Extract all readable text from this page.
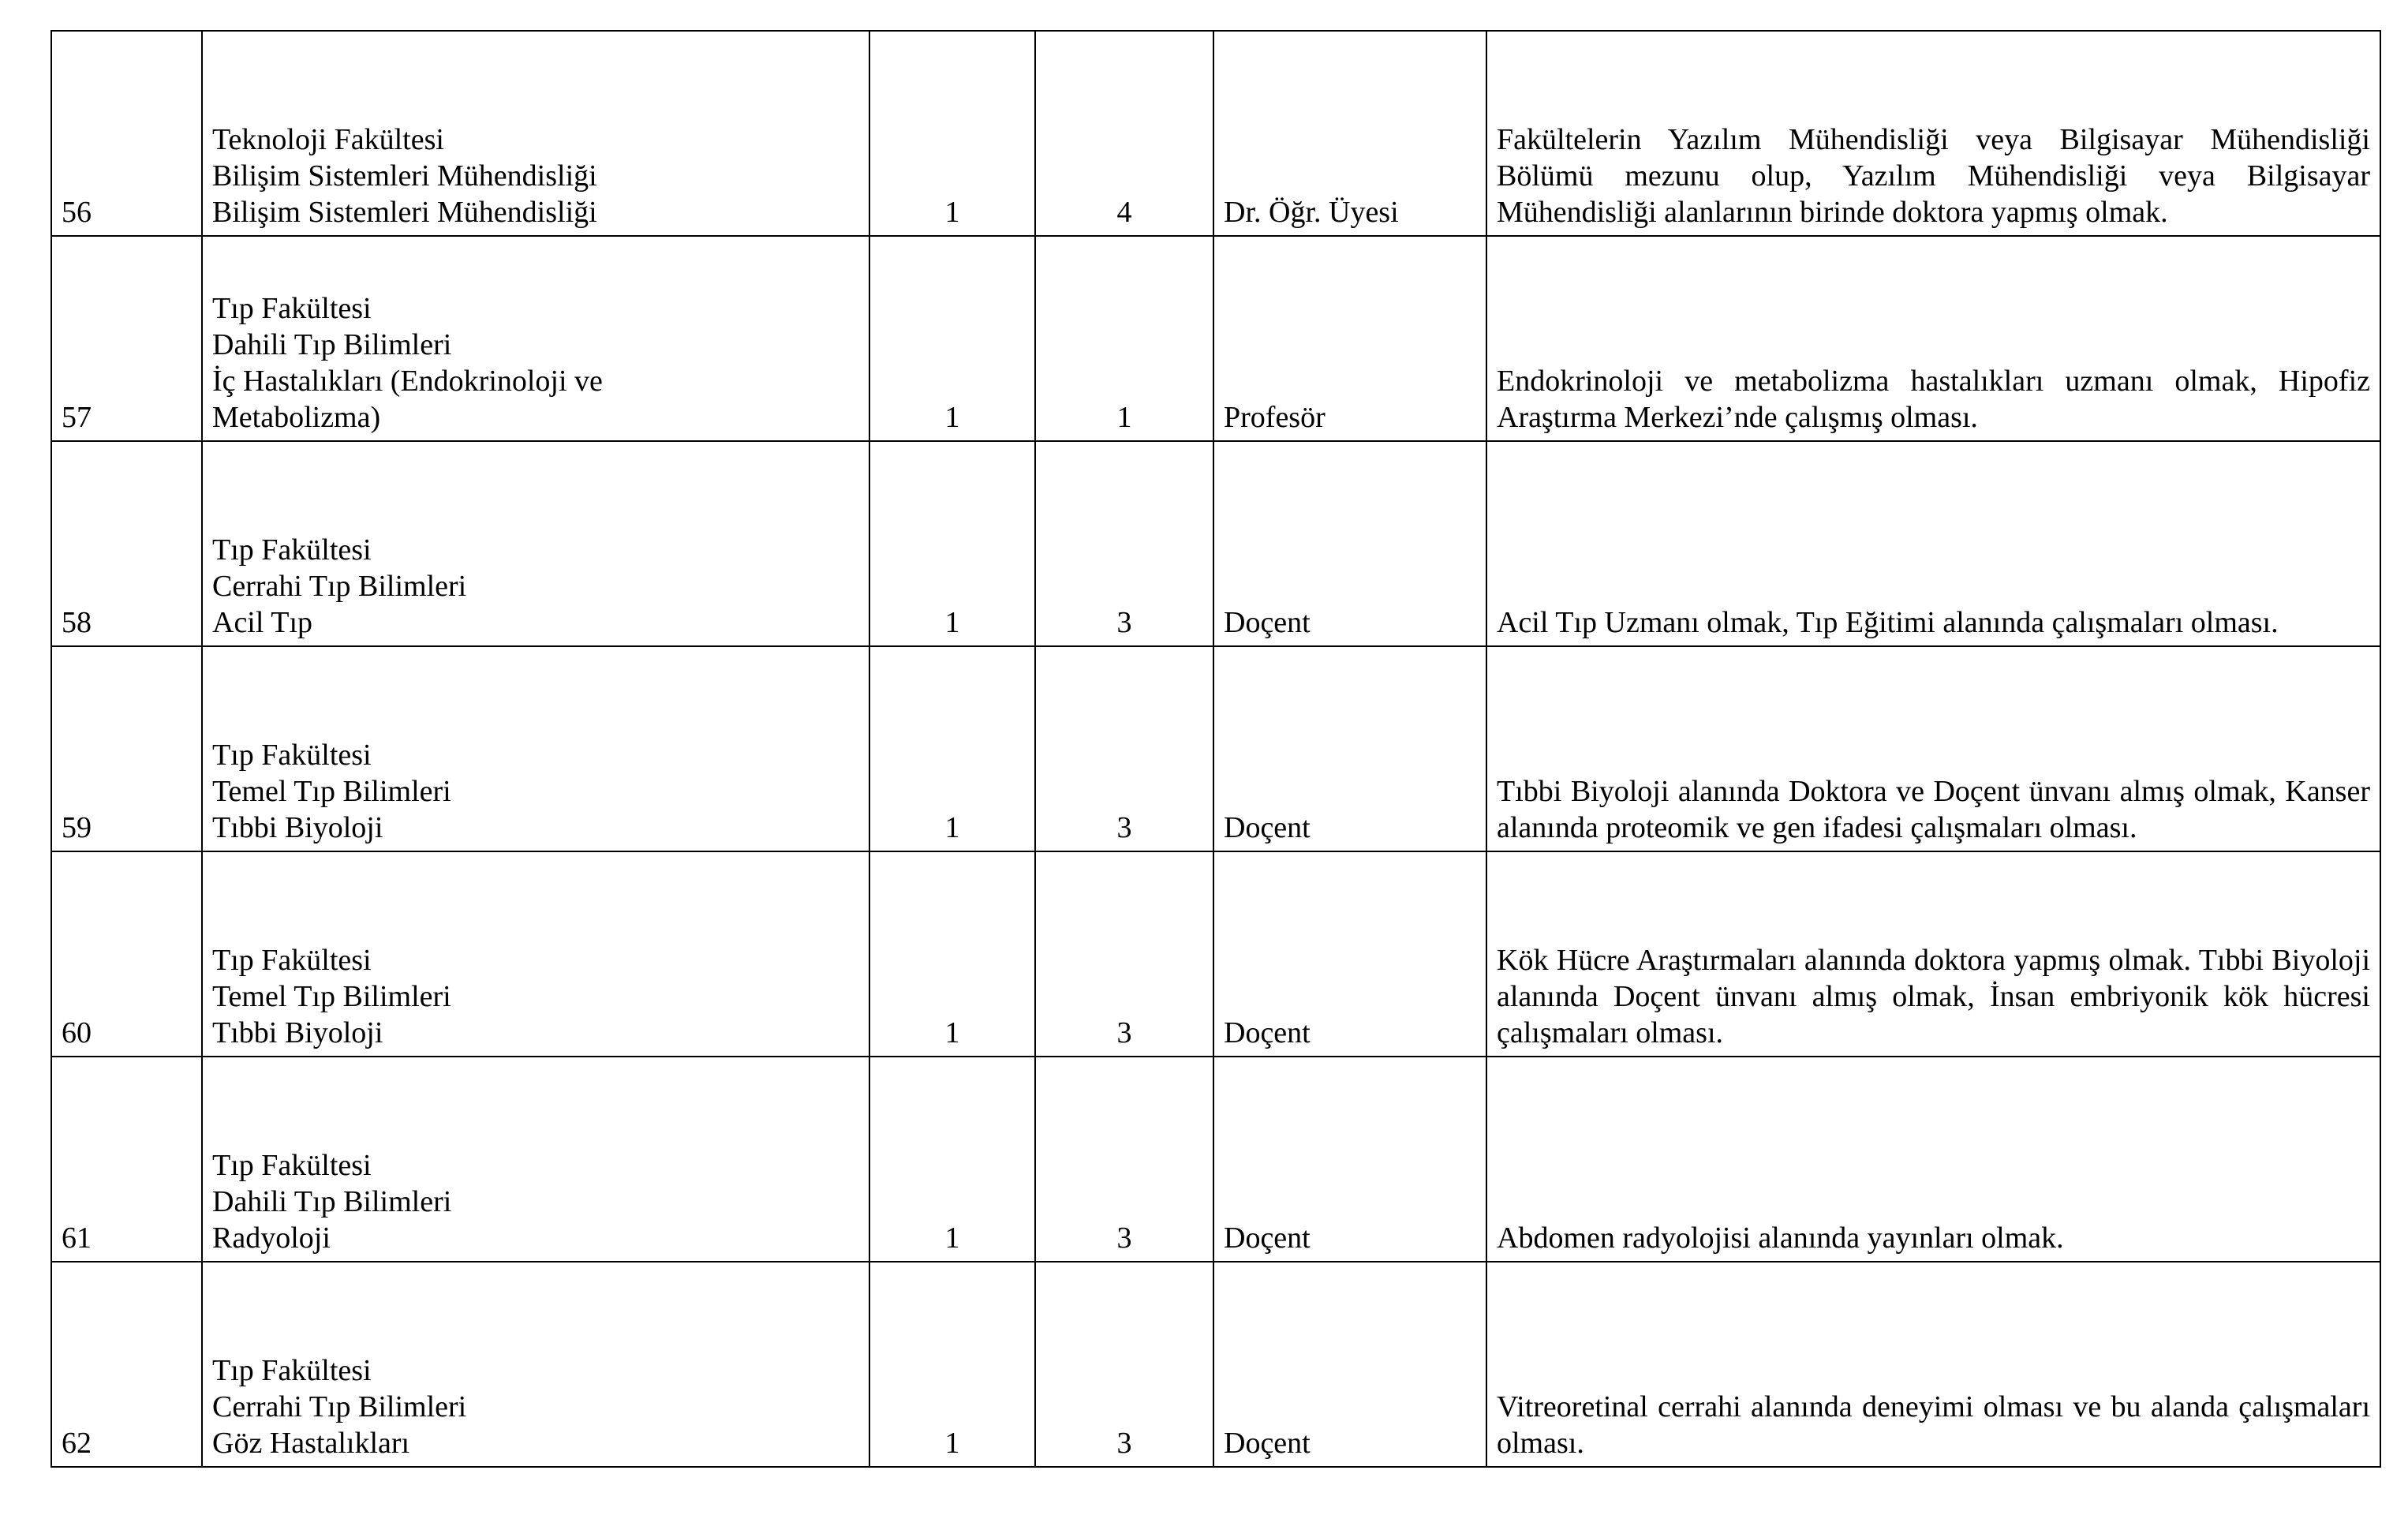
56	Teknoloji Fakültesi
Bilişim Sistemleri Mühendisliği
Bilişim Sistemleri Mühendisliği	1	4	Dr. Öğr. Üyesi	Fakültelerin Yazılım Mühendisliği veya Bilgisayar Mühendisliği Bölümü mezunu olup, Yazılım Mühendisliği veya Bilgisayar Mühendisliği alanlarının birinde doktora yapmış olmak.

57	Tıp Fakültesi
Dahili Tıp Bilimleri
İç Hastalıkları (Endokrinoloji ve
Metabolizma)	1	1	Profesör	Endokrinoloji ve metabolizma hastalıkları uzmanı olmak, Hipofiz Araştırma Merkezi’nde çalışmış olması.

58	Tıp Fakültesi
Cerrahi Tıp Bilimleri
Acil Tıp	1	3	Doçent	Acil Tıp Uzmanı olmak, Tıp Eğitimi alanında çalışmaları olması.

59	Tıp Fakültesi
Temel Tıp Bilimleri
Tıbbi Biyoloji	1	3	Doçent	Tıbbi Biyoloji alanında Doktora ve Doçent ünvanı almış olmak, Kanser alanında proteomik ve gen ifadesi çalışmaları olması.

60	Tıp Fakültesi
Temel Tıp Bilimleri
Tıbbi Biyoloji	1	3	Doçent	Kök Hücre Araştırmaları alanında doktora yapmış olmak. Tıbbi Biyoloji alanında Doçent ünvanı almış olmak, İnsan embriyonik kök hücresi çalışmaları olması.

61	Tıp Fakültesi
Dahili Tıp Bilimleri
Radyoloji	1	3	Doçent	Abdomen radyolojisi alanında yayınları olmak.

62	Tıp Fakültesi
Cerrahi Tıp Bilimleri
Göz Hastalıkları	1	3	Doçent	Vitreoretinal cerrahi alanında deneyimi olması ve bu alanda çalışmaları olması.
